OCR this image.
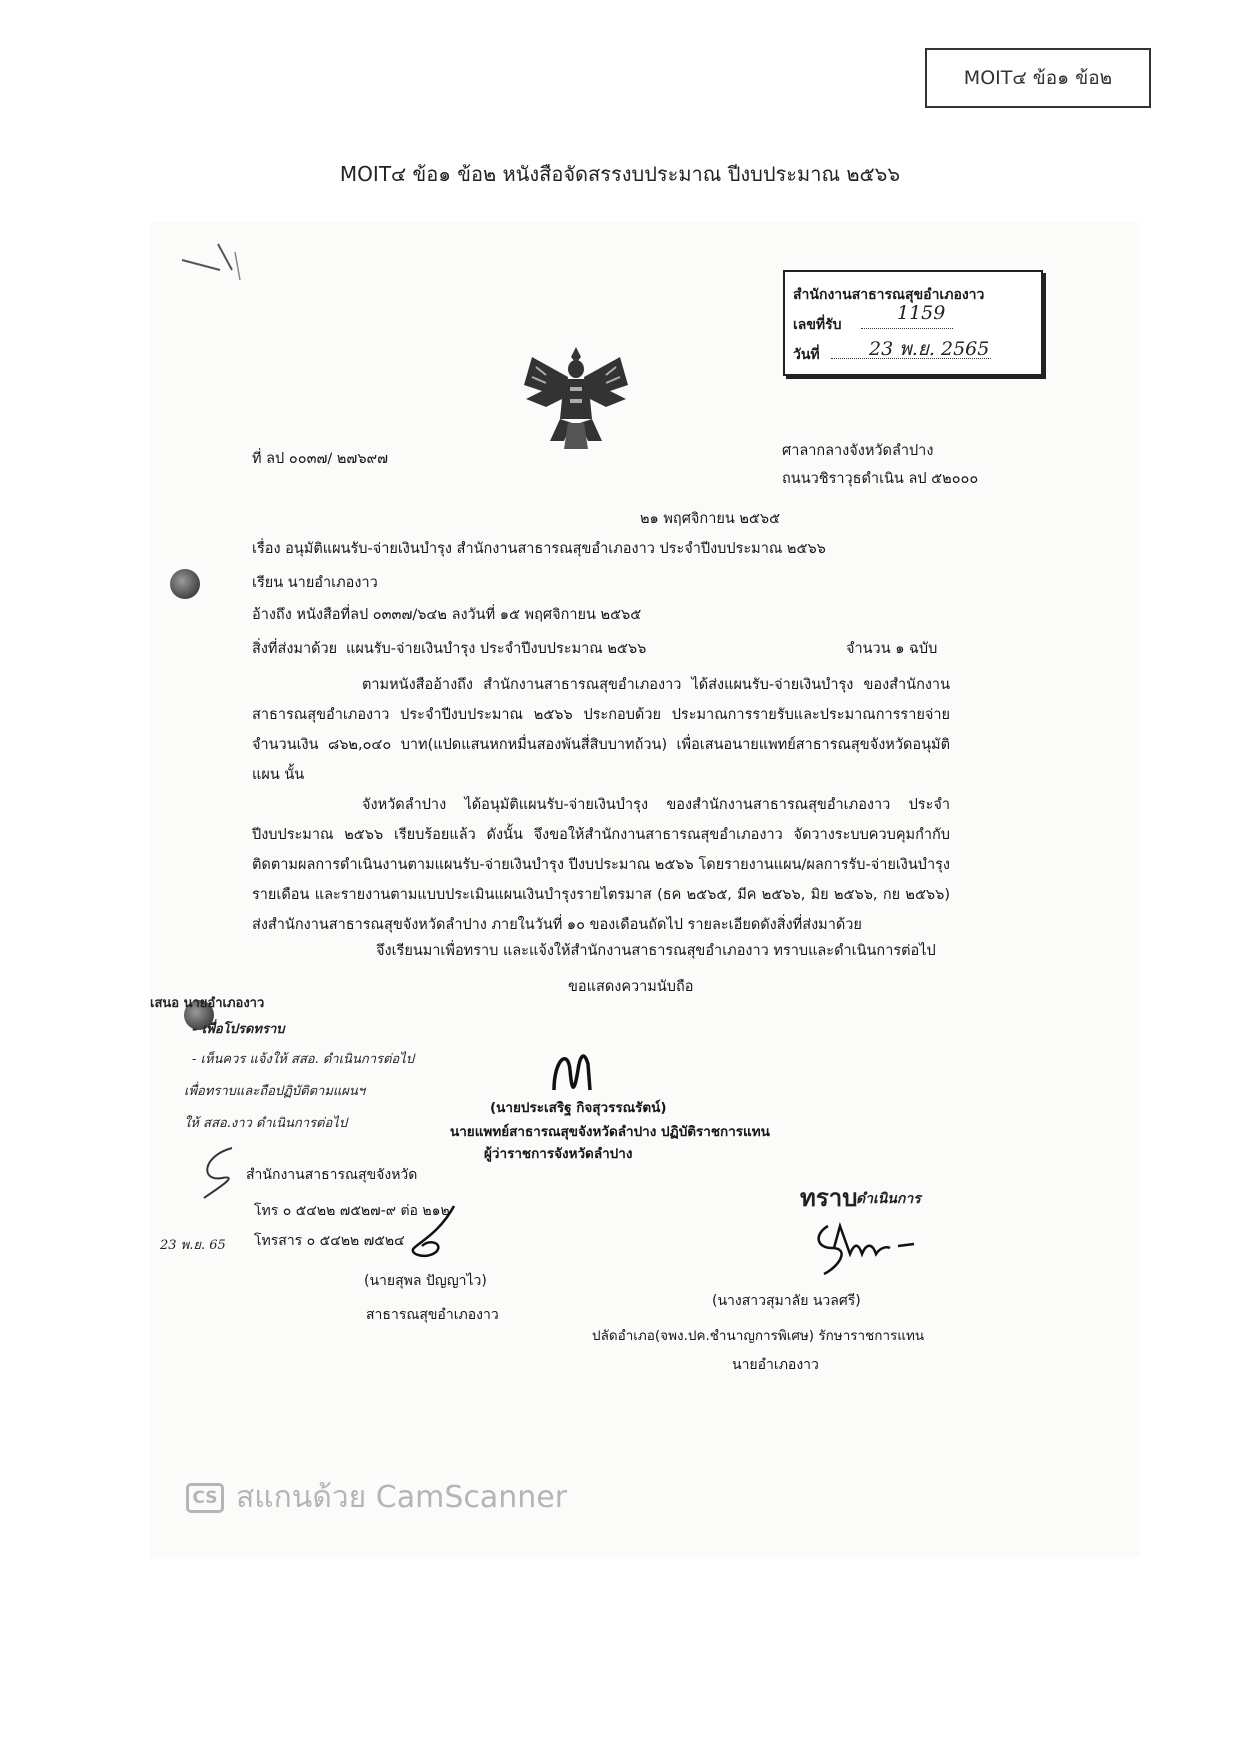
MOIT๔ ข้อ๑ ข้อ๒
MOIT๔ ข้อ๑ ข้อ๒ หนังสือจัดสรรงบประมาณ ปีงบประมาณ ๒๕๖๖
สำนักงานสาธารณสุขอำเภองาว
เลขที่รับ
1159
วันที่	23 พ.ย. 2565
ที่ ลป ๐๐๓๗/ ๒๗๖๙๗	ศาลากลางจังหวัดลำปาง
ถนนวชิราวุธดำเนิน ลป ๕๒๐๐๐
๒๑ พฤศจิกายน ๒๕๖๕
เรื่อง อนุมัติแผนรับ-จ่ายเงินบำรุง สำนักงานสาธารณสุขอำเภองาว ประจำปีงบประมาณ ๒๕๖๖
เรียน นายอำเภองาว
อ้างถึง หนังสือที่ลป ๐๓๓๗/๖๔๒ ลงวันที่ ๑๕ พฤศจิกายน ๒๕๖๕
สิ่งที่ส่งมาด้วย แผนรับ-จ่ายเงินบำรุง ประจำปีงบประมาณ ๒๕๖๖	จำนวน ๑ ฉบับ
ตามหนังสืออ้างถึง สำนักงานสาธารณสุขอำเภองาว ได้ส่งแผนรับ-จ่ายเงินบำรุง ของสำนักงานสาธารณสุขอำเภองาว ประจำปีงบประมาณ ๒๕๖๖ ประกอบด้วย ประมาณการรายรับและประมาณการรายจ่าย จำนวนเงิน ๘๖๒,๐๔๐ บาท(แปดแสนหกหมื่นสองพันสี่สิบบาทถ้วน) เพื่อเสนอนายแพทย์สาธารณสุขจังหวัดอนุมัติแผน นั้น
จังหวัดลำปาง ได้อนุมัติแผนรับ-จ่ายเงินบำรุง ของสำนักงานสาธารณสุขอำเภองาว ประจำปีงบประมาณ ๒๕๖๖ เรียบร้อยแล้ว ดังนั้น จึงขอให้สำนักงานสาธารณสุขอำเภองาว จัดวางระบบควบคุมกำกับติดตามผลการดำเนินงานตามแผนรับ-จ่ายเงินบำรุง ปีงบประมาณ ๒๕๖๖ โดยรายงานแผน/ผลการรับ-จ่ายเงินบำรุงรายเดือน และรายงานตามแบบประเมินแผนเงินบำรุงรายไตรมาส (ธค ๒๕๖๕, มีค ๒๕๖๖, มิย ๒๕๖๖, กย ๒๕๖๖) ส่งสำนักงานสาธารณสุขจังหวัดลำปาง ภายในวันที่ ๑๐ ของเดือนถัดไป รายละเอียดดังสิ่งที่ส่งมาด้วย
จึงเรียนมาเพื่อทราบ และแจ้งให้สำนักงานสาธารณสุขอำเภองาว ทราบและดำเนินการต่อไป
ขอแสดงความนับถือ
เสนอ นายอำเภองาว
- เพื่อโปรดทราบ
- เห็นควร แจ้งให้ สสอ. ดำเนินการต่อไป
เพื่อทราบและถือปฏิบัติตามแผนฯ
ให้ สสอ.งาว ดำเนินการต่อไป
(นายประเสริฐ กิจสุวรรณรัตน์)
นายแพทย์สาธารณสุขจังหวัดลำปาง ปฏิบัติราชการแทน
ผู้ว่าราชการจังหวัดลำปาง
สำนักงานสาธารณสุขจังหวัด
โทร ๐ ๕๔๒๒ ๗๕๒๗-๙ ต่อ ๒๑๒
23 พ.ย. 65 โทรสาร ๐ ๕๔๒๒ ๗๕๒๔
(นายสุพล ปัญญาไว)
สาธารณสุขอำเภองาว
ทราบ
ดำเนินการ
(นางสาวสุมาลัย นวลศรี)
ปลัดอำเภอ(จพง.ปค.ชำนาญการพิเศษ) รักษาราชการแทน
นายอำเภองาว
CS สแกนด้วย CamScanner
